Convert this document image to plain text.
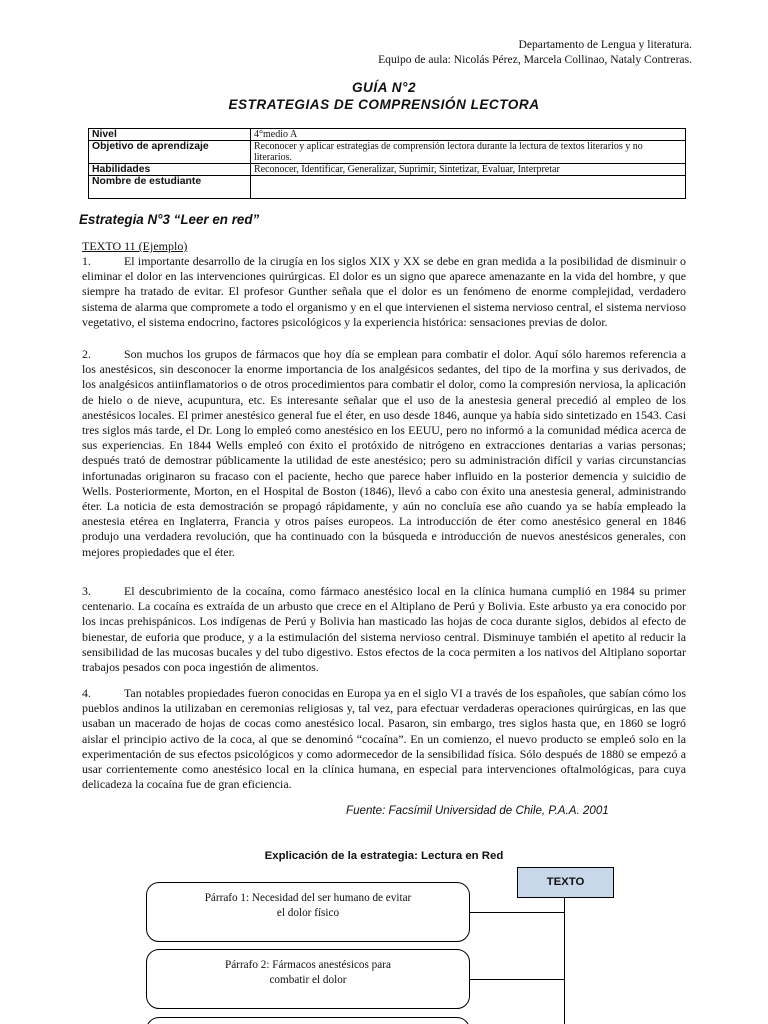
Departamento de Lengua y literatura.
Equipo de aula: Nicolás Pérez, Marcela Collinao, Nataly Contreras.
GUÍA N°2
ESTRATEGIAS DE COMPRENSIÓN LECTORA
Nivel	4°medio A
Objetivo de aprendizaje	Reconocer y aplicar estrategias de comprensión lectora durante la lectura de textos literarios y no literarios.
Habilidades	Reconocer, Identificar, Generalizar, Suprimir, Sintetizar, Evaluar, Interpretar
Nombre de estudiante	
Estrategia N°3 “Leer en red”
TEXTO 11 (Ejemplo)
1.	El importante desarrollo de la cirugía en los siglos XIX y XX se debe en gran medida a la posibilidad de disminuir o eliminar el dolor en las intervenciones quirúrgicas. El dolor es un signo que aparece amenazante en la vida del hombre, y que siempre ha tratado de evitar. El profesor Gunther señala que el dolor es un fenómeno de enorme complejidad, verdadero sistema de alarma que compromete a todo el organismo y en el que intervienen el sistema nervioso central, el sistema nervioso vegetativo, el sistema endocrino, factores psicológicos y la experiencia histórica: sensaciones previas de dolor.
2.	Son muchos los grupos de fármacos que hoy día se emplean para combatir el dolor. Aquí sólo haremos referencia a los anestésicos, sin desconocer la enorme importancia de los analgésicos sedantes, del tipo de la morfina y sus derivados, de los analgésicos antiinflamatorios o de otros procedimientos para combatir el dolor, como la compresión nerviosa, la aplicación de hielo o de nieve, acupuntura, etc. Es interesante señalar que el uso de la anestesia general precedió al empleo de los anestésicos locales. El primer anestésico general fue el éter, en uso desde 1846, aunque ya había sido sintetizado en 1543. Casi tres siglos más tarde, el Dr. Long lo empleó como anestésico en los EEUU, pero no informó a la comunidad médica acerca de sus experiencias. En 1844 Wells empleó con éxito el protóxido de nitrógeno en extracciones dentarias a varias personas; después trató de demostrar públicamente la utilidad de este anestésico; pero su administración difícil y varias circunstancias infortunadas originaron su fracaso con el paciente, hecho que parece haber influido en la posterior demencia y suicidio de Wells. Posteriormente, Morton, en el Hospital de Boston (1846), llevó a cabo con éxito una anestesia general, administrando éter. La noticia de esta demostración se propagó rápidamente, y aún no concluía ese año cuando ya se había empleado la anestesia etérea en Inglaterra, Francia y otros países europeos. La introducción de éter como anestésico general en 1846 produjo una verdadera revolución, que ha continuado con la búsqueda e introducción de nuevos anestésicos generales, con mejores propiedades que el éter.
3.	El descubrimiento de la cocaína, como fármaco anestésico local en la clínica humana cumplió en 1984 su primer centenario. La cocaína es extraída de un arbusto que crece en el Altiplano de Perú y Bolivia. Este arbusto ya era conocido por los incas prehispánicos. Los indígenas de Perú y Bolivia han masticado las hojas de coca durante siglos, debidos al efecto de bienestar, de euforia que produce, y a la estimulación del sistema nervioso central. Disminuye también el apetito al reducir la sensibilidad de las mucosas bucales y del tubo digestivo. Estos efectos de la coca permiten a los nativos del Altiplano soportar trabajos pesados con poca ingestión de alimentos.
4.	Tan notables propiedades fueron conocidas en Europa ya en el siglo VI a través de los españoles, que sabían cómo los pueblos andinos la utilizaban en ceremonias religiosas y, tal vez, para efectuar verdaderas operaciones quirúrgicas, en las que usaban un macerado de hojas de cocas como anestésico local. Pasaron, sin embargo, tres siglos hasta que, en 1860 se logró aislar el principio activo de la coca, al que se denominó “cocaína”. En un comienzo, el nuevo producto se empleó solo en la experimentación de sus efectos psicológicos y como adormecedor de la sensibilidad física. Sólo después de 1880 se empezó a usar corrientemente como anestésico local en la clínica humana, en especial para intervenciones oftalmológicas, para cuya delicadeza la cocaína fue de gran eficiencia.
Fuente: Facsímil Universidad de Chile, P.A.A. 2001
Explicación de la estrategia: Lectura en Red
TEXTO
Párrafo 1: Necesidad del ser humano de evitar
el dolor físico
Párrafo 2: Fármacos anestésicos para
combatir el dolor
